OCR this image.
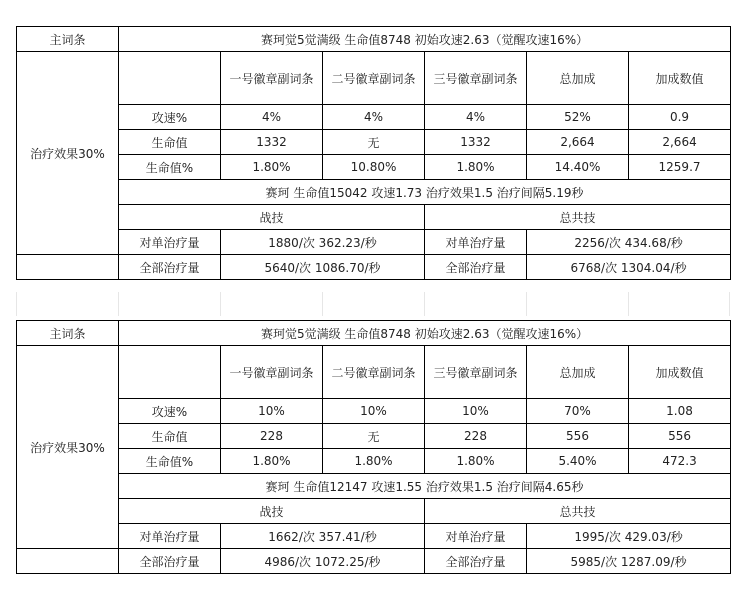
主词条	赛珂觉5觉满级 生命值8748 初始攻速2.63（觉醒攻速16%）					
治疗效果30%		一号徽章副词条	二号徽章副词条	三号徽章副词条	总加成	加成数值
	攻速%	4%	4%	4%	52%	0.9
	生命值	1332	无	1332	2,664	2,664
	生命值%	1.80%	10.80%	1.80%	14.40%	1259.7
	赛珂 生命值15042 攻速1.73 治疗效果1.5 治疗间隔5.19秒					
	战技			总共技		
	对单治疗量	1880/次 362.23/秒		对单治疗量	2256/次 434.68/秒	
	全部治疗量	5640/次 1086.70/秒		全部治疗量	6768/次 1304.04/秒	
主词条	赛珂觉5觉满级 生命值8748 初始攻速2.63（觉醒攻速16%）					
治疗效果30%		一号徽章副词条	二号徽章副词条	三号徽章副词条	总加成	加成数值
	攻速%	10%	10%	10%	70%	1.08
	生命值	228	无	228	556	556
	生命值%	1.80%	1.80%	1.80%	5.40%	472.3
	赛珂 生命值12147 攻速1.55 治疗效果1.5 治疗间隔4.65秒					
	战技			总共技		
	对单治疗量	1662/次 357.41/秒		对单治疗量	1995/次 429.03/秒	
	全部治疗量	4986/次 1072.25/秒		全部治疗量	5985/次 1287.09/秒	
